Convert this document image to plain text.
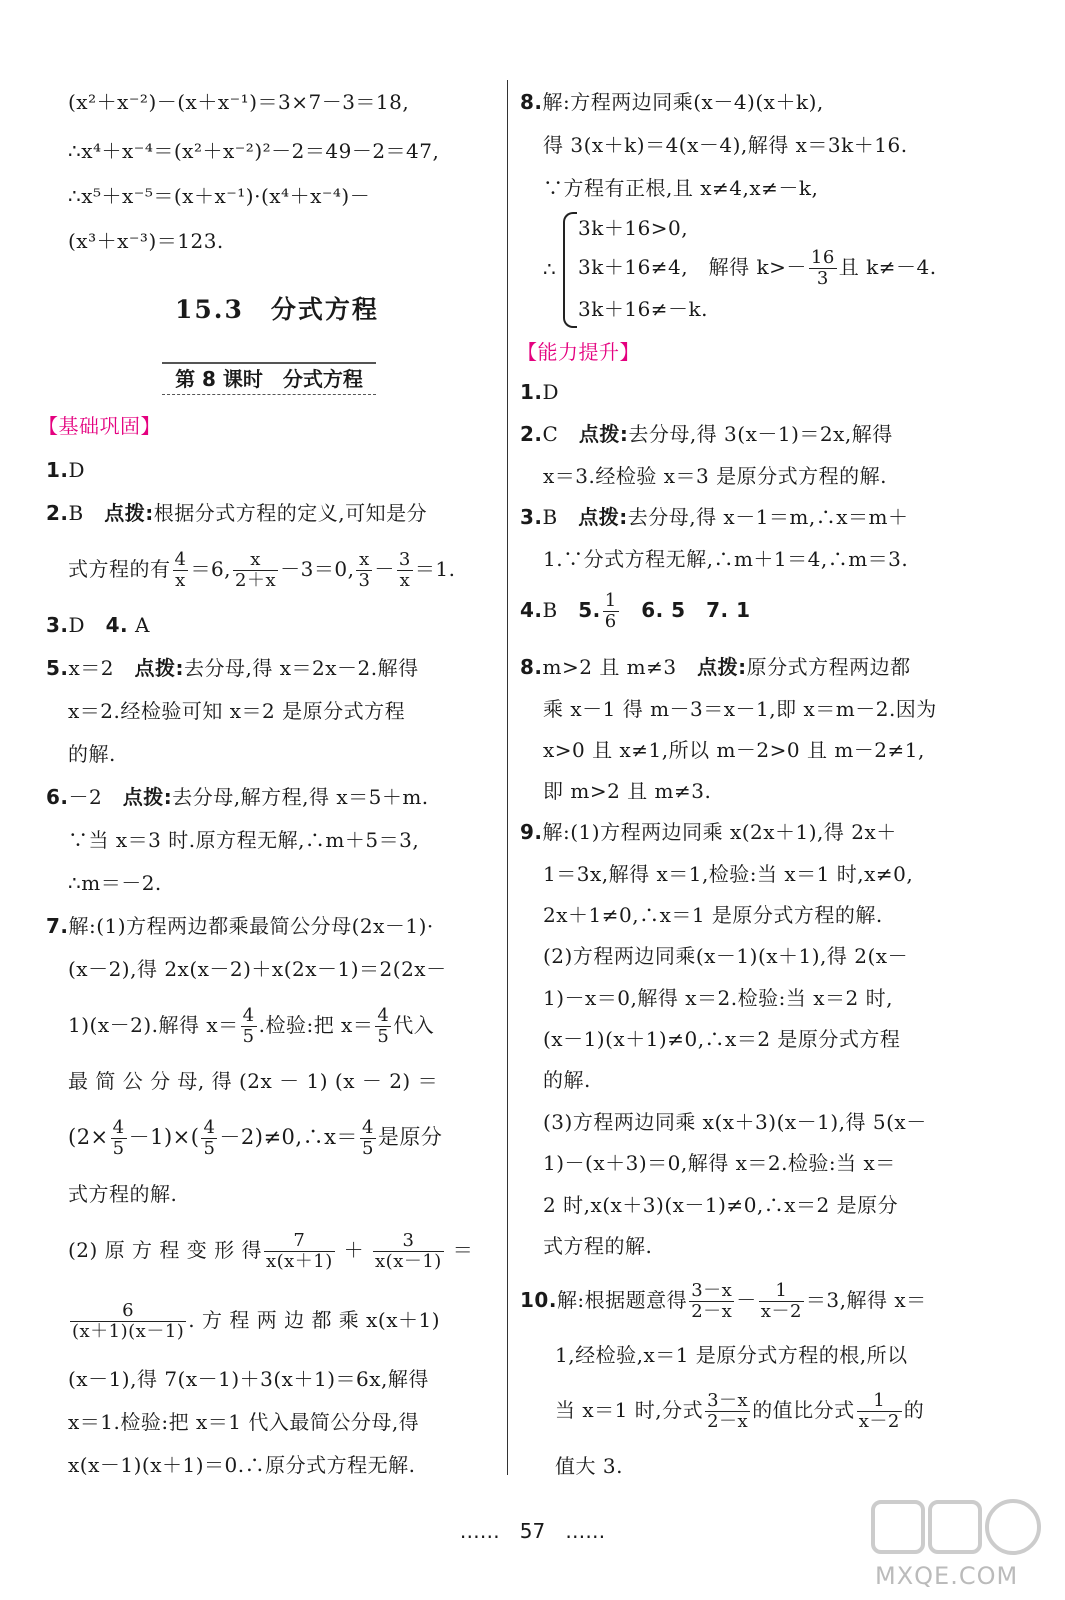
(x²＋x⁻²)－(x＋x⁻¹)＝3×7－3＝18,
∴x⁴＋x⁻⁴＝(x²＋x⁻²)²－2＝49－2＝47,
∴x⁵＋x⁻⁵＝(x＋x⁻¹)·(x⁴＋x⁻⁴)－
(x³＋x⁻³)＝123.
15.3　分式方程
第 8 课时　分式方程
【基础巩固】
1.D
2.B　 点拨:根据分式方程的定义,可知是分
式方程的有 $\frac{4}{x} =6$, $\frac{x}{2+x} -3=0$, $\frac{x}{3} - \frac{3}{x} =1$.
3.D　 4. A
5.x＝2　 点拨:去分母,得 x＝2x－2.解得
x＝2.经检验可知 x＝2 是原分式方程
的解.
6.－2　 点拨:去分母,解方程,得 x＝5＋m.
∵当 x＝3 时.原方程无解,∴m＋5＝3,
∴m＝－2.
7.解:(1)方程两边都乘最简公分母(2x－1)·
(x－2),得 2x(x－2)＋x(2x－1)＝2(2x－
1)(x－2).解得 $x= \frac{4}{5}$ .检验:把 $x= \frac{4}{5}$ 代入
最 简 公 分 母, 得 (2x － 1) (x － 2) ＝
$(2\times \frac{4}{5} -1)\times( \frac{4}{5}$ －2)≠0,∴x＝ $\frac{4}{5}$ 是原分
式方程的解.
(2) 原 方 程 变 形 得 $\frac{7}{x(x+1)} + \frac{3}{x(x-1)}$ ＝
$\frac{6}{(x+1)(x-1)}$ . 方 程 两 边 都 乘 x(x＋1)
(x－1),得 7(x－1)＋3(x＋1)＝6x,解得
x＝1.检验:把 x＝1 代入最简公分母,得
x(x－1)(x＋1)＝0.∴原分式方程无解.
8.解:方程两边同乘(x－4)(x＋k),
得 3(x＋k)＝4(x－4),解得 x＝3k＋16.
∵方程有正根,且 x≠4,x≠－k,
3k＋16>0,
∴ 3k＋16≠4,　 解得 $k>- \frac{16}{3}$ 且 k≠－4.
3k＋16≠－k.
【能力提升】
1.D
2.C　 点拨:去分母,得 3(x－1)＝2x,解得
x＝3.经检验 x＝3 是原分式方程的解.
3.B　 点拨:去分母,得 x－1＝m,∴x＝m＋
1.∵分式方程无解,∴m＋1＝4,∴m＝3.
4.B　 5. $\frac{1}{6}$
　 6. 5　 7. 1
8.m>2 且 m≠3　 点拨:原分式方程两边都
乘 x－1 得 m－3＝x－1,即 x＝m－2.因为
x>0 且 x≠1,所以 m－2>0 且 m－2≠1,
即 m>2 且 m≠3.
9.解:(1)方程两边同乘 x(2x＋1),得 2x＋
1＝3x,解得 x＝1,检验:当 x＝1 时,x≠0,
2x＋1≠0,∴x＝1 是原分式方程的解.
(2)方程两边同乘(x－1)(x＋1),得 2(x－
1)－x＝0,解得 x＝2.检验:当 x＝2 时,
(x－1)(x＋1)≠0,∴x＝2 是原分式方程
的解.
(3)方程两边同乘 x(x＋3)(x－1),得 5(x－
1)－(x＋3)＝0,解得 x＝2.检验:当 x＝
2 时,x(x＋3)(x－1)≠0,∴x＝2 是原分
式方程的解.
10.解:根据题意得 $\frac{3-x}{2-x} - \frac{1}{x-2} =3$,解得 x＝
1,经检验,x＝1 是原分式方程的根,所以
当 x＝1 时,分式 $\frac{3-x}{2-x}$ 的值比分式 $\frac{1}{x-2}$ 的
值大 3.
……　57　……
MXQE.COM
